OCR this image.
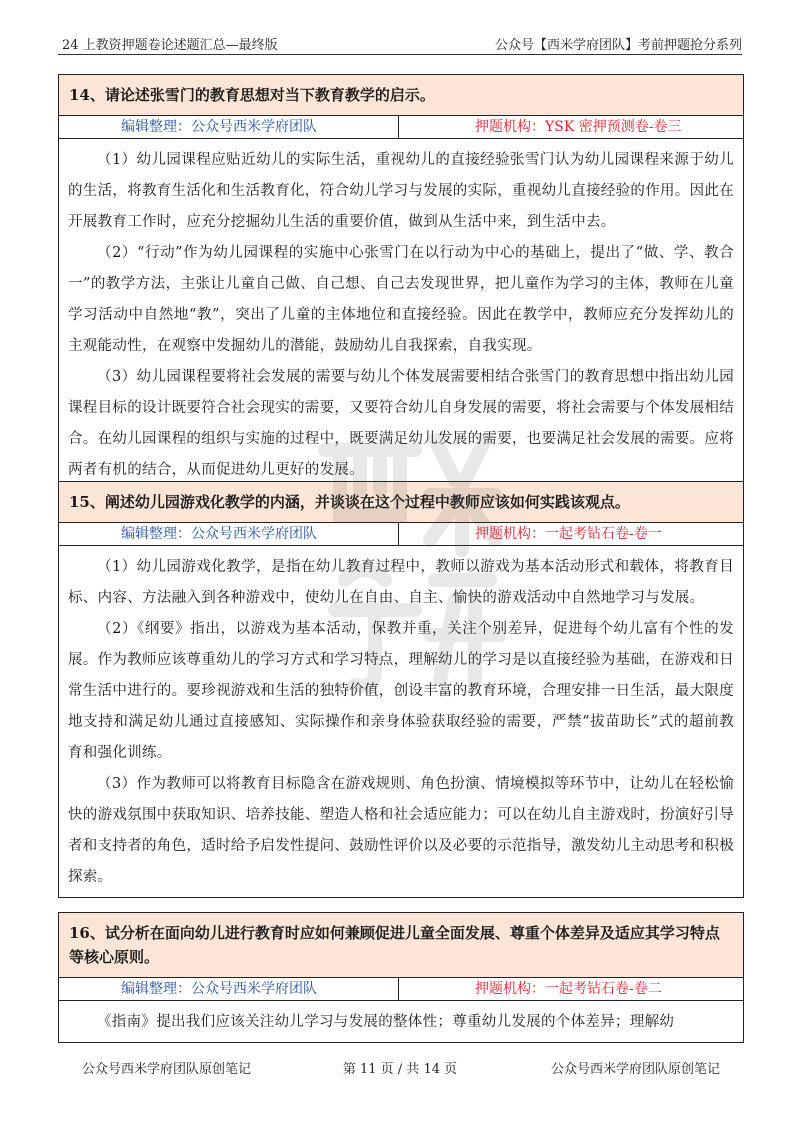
24 上教资押题卷论述题汇总—最终版	公众号【西米学府团队】考前押题抢分系列
14、请论述张雪门的教育思想对当下教育教学的启示。
编辑整理：公众号西米学府团队	押题机构：YSK 密押预测卷-卷三

（1）幼儿园课程应贴近幼儿的实际生活，重视幼儿的直接经验张雪门认为幼儿园课程来源于幼儿的生活，将教育生活化和生活教育化，符合幼儿学习与发展的实际，重视幼儿直接经验的作用。因此在开展教育工作时，应充分挖掘幼儿生活的重要价值，做到从生活中来，到生活中去。

（2）“行动”作为幼儿园课程的实施中心张雪门在以行动为中心的基础上，提出了“做、学、教合一”的教学方法，主张让儿童自己做、自己想、自己去发现世界，把儿童作为学习的主体，教师在儿童学习活动中自然地“教”，突出了儿童的主体地位和直接经验。因此在教学中，教师应充分发挥幼儿的主观能动性，在观察中发掘幼儿的潜能，鼓励幼儿自我探索，自我实现。

（3）幼儿园课程要将社会发展的需要与幼儿个体发展需要相结合张雪门的教育思想中指出幼儿园课程目标的设计既要符合社会现实的需要，又要符合幼儿自身发展的需要，将社会需要与个体发展相结合。在幼儿园课程的组织与实施的过程中，既要满足幼儿发展的需要，也要满足社会发展的需要。应将两者有机的结合，从而促进幼儿更好的发展。

15、阐述幼儿园游戏化教学的内涵，并谈谈在这个过程中教师应该如何实践该观点。
编辑整理：公众号西米学府团队	押题机构：一起考钻石卷-卷一

（1）幼儿园游戏化教学，是指在幼儿教育过程中，教师以游戏为基本活动形式和载体，将教育目标、内容、方法融入到各种游戏中，使幼儿在自由、自主、愉快的游戏活动中自然地学习与发展。

（2）《纲要》指出，以游戏为基本活动，保教并重，关注个别差异，促进每个幼儿富有个性的发展。作为教师应该尊重幼儿的学习方式和学习特点，理解幼儿的学习是以直接经验为基础，在游戏和日常生活中进行的。要珍视游戏和生活的独特价值，创设丰富的教育环境，合理安排一日生活，最大限度地支持和满足幼儿通过直接感知、实际操作和亲身体验获取经验的需要，严禁“拔苗助长”式的超前教育和强化训练。

（3）作为教师可以将教育目标隐含在游戏规则、角色扮演、情境模拟等环节中，让幼儿在轻松愉快的游戏氛围中获取知识、培养技能、塑造人格和社会适应能力；可以在幼儿自主游戏时，扮演好引导者和支持者的角色，适时给予启发性提问、鼓励性评价以及必要的示范指导，激发幼儿主动思考和积极探索。

16、试分析在面向幼儿进行教育时应如何兼顾促进儿童全面发展、尊重个体差异及适应其学习特点等核心原则。
编辑整理：公众号西米学府团队	押题机构：一起考钻石卷-卷二

《指南》提出我们应该关注幼儿学习与发展的整体性；尊重幼儿发展的个体差异；理解幼

公众号西米学府团队原创笔记	第 11 页 / 共 14 页	公众号西米学府团队原创笔记
